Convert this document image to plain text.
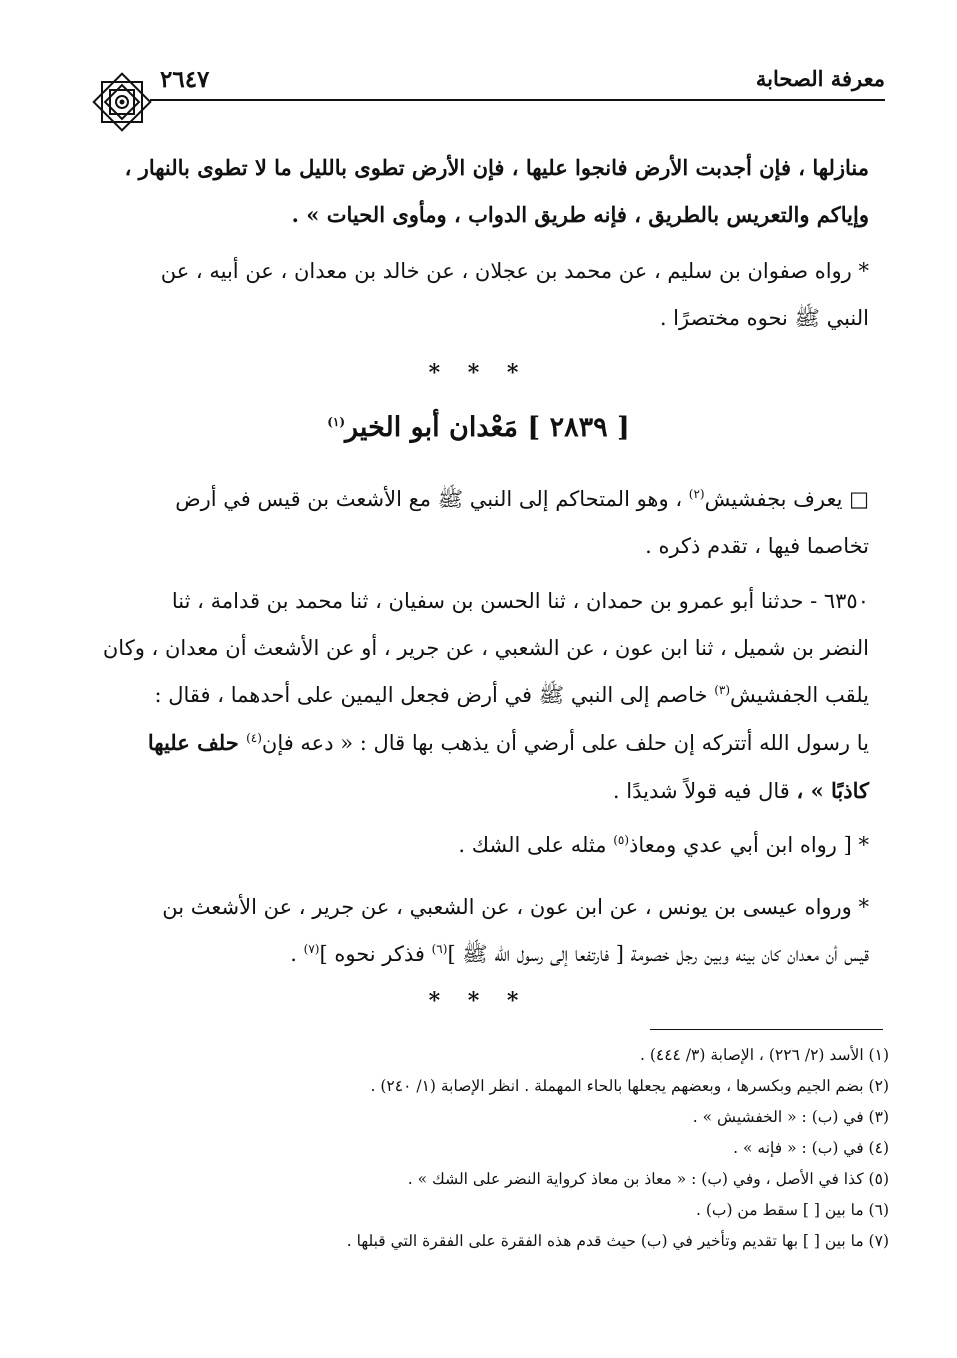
معرفة الصحابة
٢٦٤٧
منازلها ، فإن أجدبت الأرض فانجوا عليها ، فإن الأرض تطوى بالليل ما لا تطوى بالنهار ،
وإياكم والتعريس بالطريق ، فإنه طريق الدواب ، ومأوى الحيات » .
* رواه صفوان بن سليم ، عن محمد بن عجلان ، عن خالد بن معدان ، عن أبيه ، عن
النبي ﷺ نحوه مختصرًا .
* * *
[ ٢٨٣٩ ] مَعْدان أبو الخير$^{(١)}$
□ يعرف بجفشيش$^{(٢)}$ ، وهو المتحاكم إلى النبي ﷺ مع الأشعث بن قيس في أرض
تخاصما فيها ، تقدم ذكره .
٦٣٥٠ - حدثنا أبو عمرو بن حمدان ، ثنا الحسن بن سفيان ، ثنا محمد بن قدامة ، ثنا
النضر بن شميل ، ثنا ابن عون ، عن الشعبي ، عن جرير ، أو عن الأشعث أن معدان ، وكان
يلقب الجفشيش$^{(٣)}$ خاصم إلى النبي ﷺ في أرض فجعل اليمين على أحدهما ، فقال :
يا رسول الله أتتركه إن حلف على أرضي أن يذهب بها قال : « دعه فإن$^{(٤)}$ حلف عليها
كاذبًا » ، قال فيه قولاً شديدًا .
* [ رواه ابن أبي عدي ومعاذ$^{(٥)}$ مثله على الشك .
* ورواه عيسى بن يونس ، عن ابن عون ، عن الشعبي ، عن جرير ، عن الأشعث بن
قيس أن معدان كان بينه وبين رجل خصومة [ فارتفعا إلى رسول الله ﷺ ]$^{(٦)}$ فذكر نحوه ]$^{(٧)}$ .
* * *
(١) الأسد (٢/ ٢٢٦) ، الإصابة (٣/ ٤٤٤) .
(٢) بضم الجيم وبكسرها ، وبعضهم يجعلها بالحاء المهملة . انظر الإصابة (١/ ٢٤٠) .
(٣) في (ب) : « الخفشيش » .
(٤) في (ب) : « فإنه » .
(٥) كذا في الأصل ، وفي (ب) : « معاذ بن معاذ كرواية النضر على الشك » .
(٦) ما بين [ ] سقط من (ب) .
(٧) ما بين [ ] بها تقديم وتأخير في (ب) حيث قدم هذه الفقرة على الفقرة التي قبلها .
